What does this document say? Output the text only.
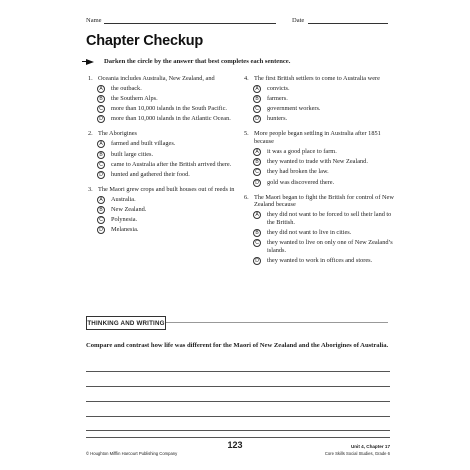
Name	Date
Chapter Checkup
Darken the circle by the answer that best completes each sentence.
1. Oceania includes Australia, New Zealand, and
A	the outback.
B	the Southern Alps.
C	more than 10,000 islands in the South Pacific.
D	more than 10,000 islands in the Atlantic Ocean.
2. The Aborigines
A	farmed and built villages.
B	built large cities.
C	came to Australia after the British arrived there.
D	hunted and gathered their food.
3. The Maori grew crops and built houses out of reeds in
A	Australia.
B	New Zealand.
C	Polynesia.
D	Melanesia.
4. The first British settlers to come to Australia were
A	convicts.
B	farmers.
C	government workers.
D	hunters.
5. More people began settling in Australia after 1851 because
A	it was a good place to farm.
B	they wanted to trade with New Zealand.
C	they had broken the law.
D	gold was discovered there.
6. The Maori began to fight the British for control of New Zealand because
A	they did not want to be forced to sell their land to the British.
B	they did not want to live in cities.
C	they wanted to live on only one of New Zealand’s islands.
D	they wanted to work in offices and stores.
THINKING AND WRITING
Compare and contrast how life was different for the Maori of New Zealand and the Aborigines of Australia.
123
© Houghton Mifflin Harcourt Publishing Company
Unit 4, Chapter 17
Core Skills Social Studies, Grade 6
